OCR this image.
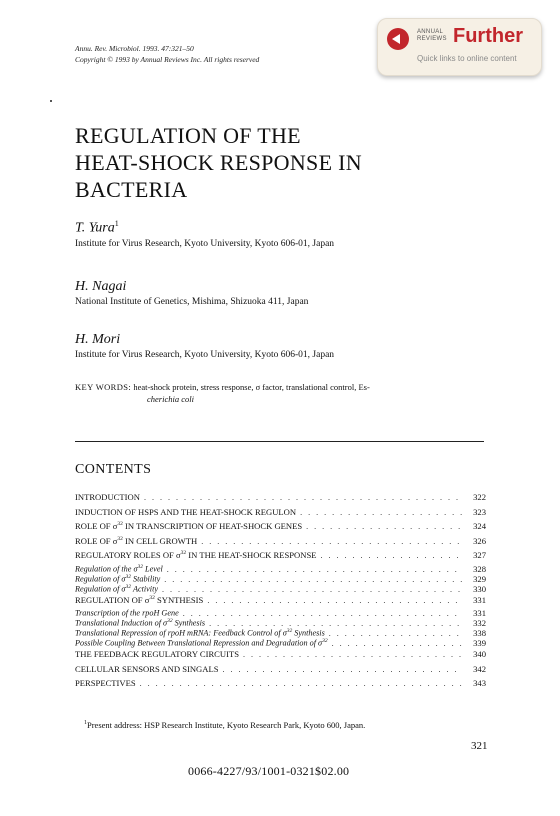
Annu. Rev. Microbiol. 1993. 47:321–50
Copyright © 1993 by Annual Reviews Inc. All rights reserved
ANNUAL
REVIEWS Further
Quick links to online content
REGULATION OF THE
HEAT-SHOCK RESPONSE IN
BACTERIA
T. Yura$^1$
Institute for Virus Research, Kyoto University, Kyoto 606-01, Japan
H. Nagai
National Institute of Genetics, Mishima, Shizuoka 411, Japan
H. Mori
Institute for Virus Research, Kyoto University, Kyoto 606-01, Japan
KEY WORDS: heat-shock protein, stress response, σ factor, translational control, Es-
cherichia coli
CONTENTS
INTRODUCTION . . .	322
INDUCTION OF HSPS AND THE HEAT-SHOCK REGULON . . .	323
ROLE OF $\sigma^{32}$ IN TRANSCRIPTION OF HEAT-SHOCK GENES . . .	324
ROLE OF $\sigma^{32}$ IN CELL GROWTH . . .	326
REGULATORY ROLES OF $\sigma^{32}$ IN THE HEAT-SHOCK RESPONSE . . .	327
Regulation of the $\sigma^{32}$ Level . . .	328
Regulation of $\sigma^{32}$ Stability . . .	329
Regulation of $\sigma^{32}$ Activity . . .	330
REGULATION OF $\sigma^{32}$ SYNTHESIS . . .	331
Transcription of the rpoH Gene . . .	331
Translational Induction of $\sigma^{32}$ Synthesis . . .	332
Translational Repression of rpoH mRNA: Feedback Control of $\sigma^{32}$ Synthesis . . .	338
Possible Coupling Between Translational Repression and Degradation of $\sigma^{32}$ . . .	339
THE FEEDBACK REGULATORY CIRCUITS . . .	340
CELLULAR SENSORS AND SINGALS . . .	342
PERSPECTIVES . . .	343
$^1$Present address: HSP Research Institute, Kyoto Research Park, Kyoto 600, Japan.
321
0066-4227/93/1001-0321$02.00
